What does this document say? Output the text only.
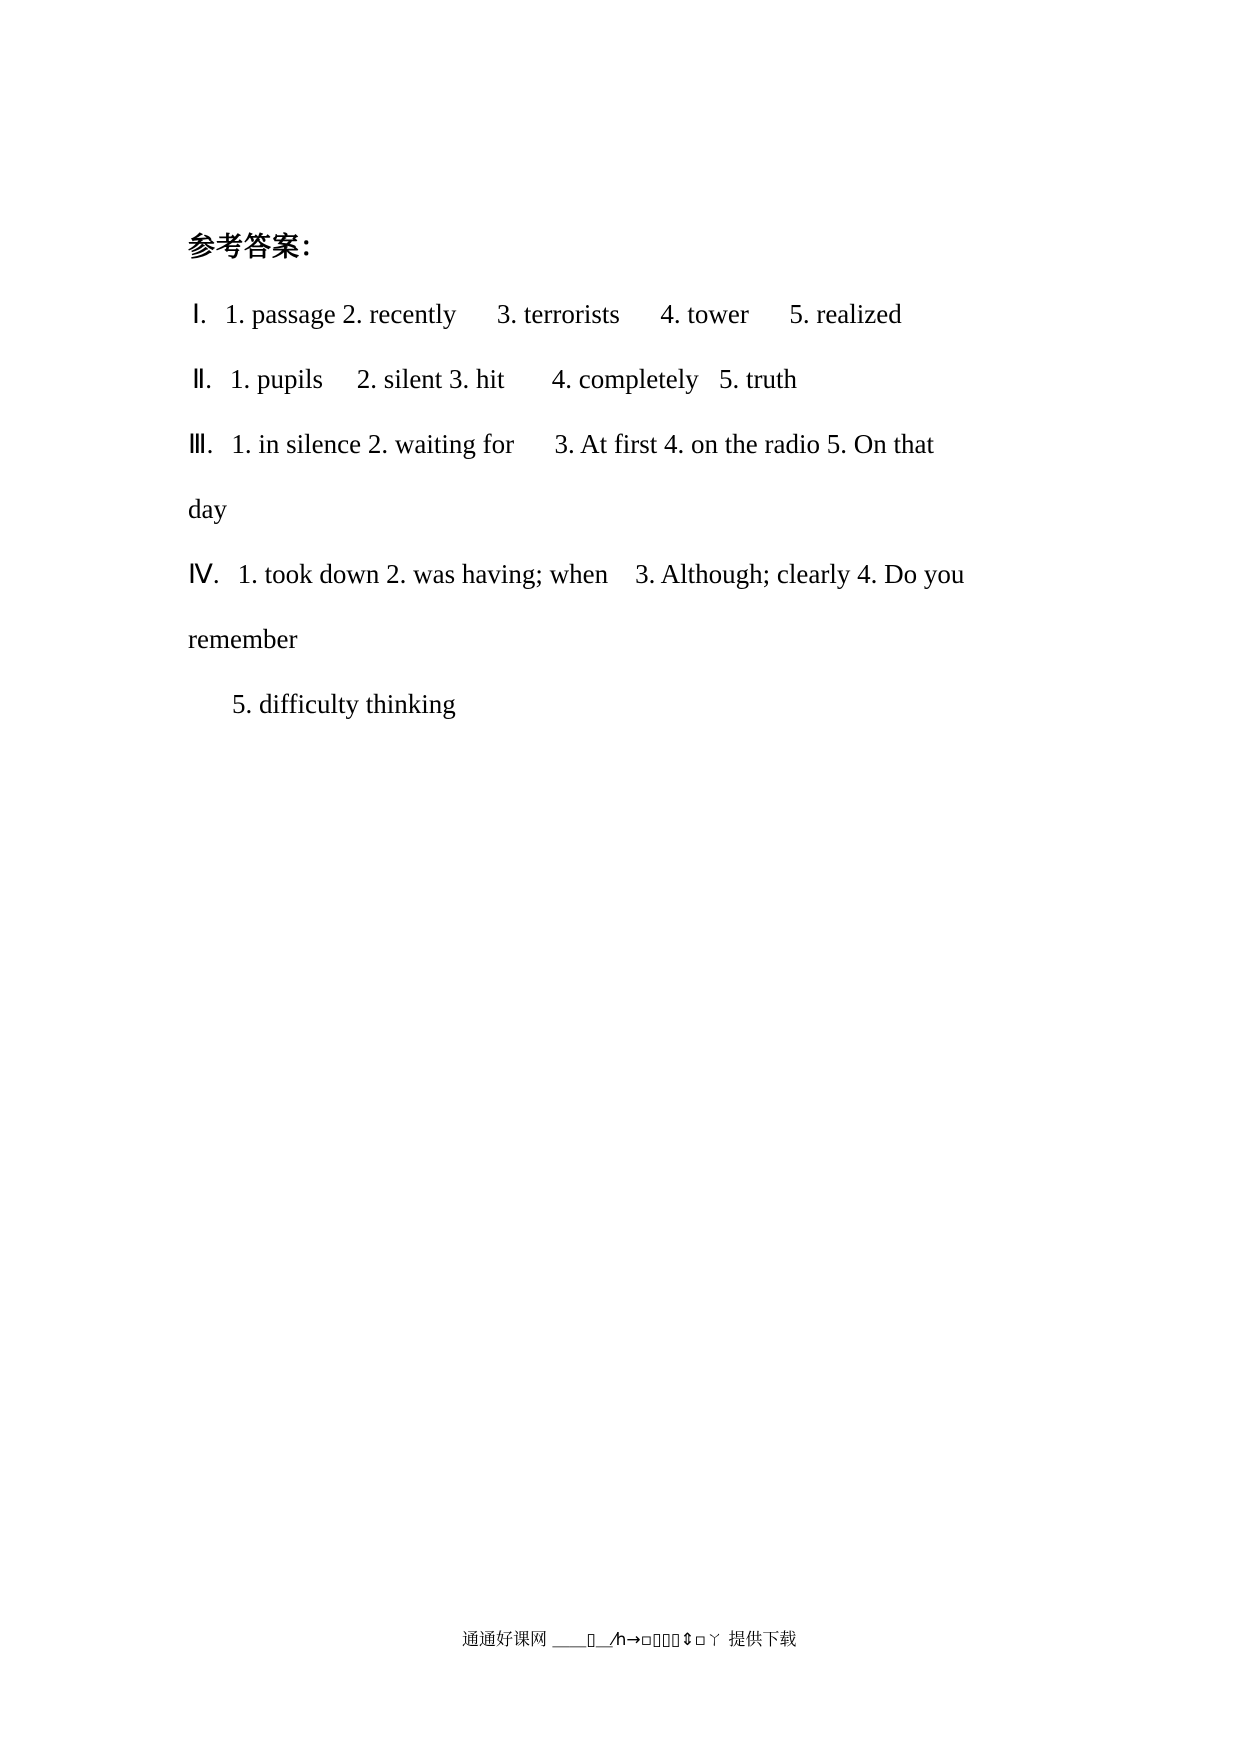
参考答案：
Ⅰ. 1. passage 2. recently      3. terrorists      4. tower      5. realized
Ⅱ. 1. pupils     2. silent 3. hit       4. completely   5. truth
Ⅲ. 1. in silence 2. waiting for      3. At first 4. on the radio 5. On that
day
Ⅳ. 1. took down 2. was having; when    3. Although; clearly 4. Do you
remember
5. difficulty thinking
通通好课网 ＿＿▯＿⁄h→▫▯▯▯⇕▫ㄚ 提供下载
